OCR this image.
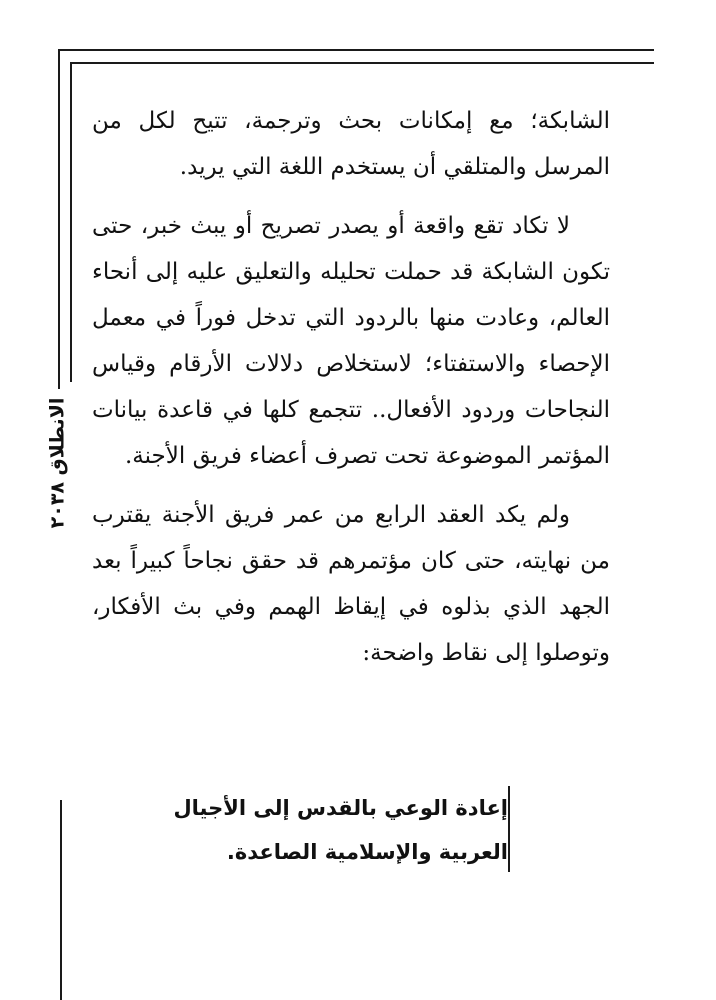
الانطلاق ٢٠٣٨

الشابكة؛ مع إمكانات بحث وترجمة، تتيح لكل من المرسل والمتلقي أن يستخدم اللغة التي يريد.

لا تكاد تقع واقعة أو يصدر تصريح أو يبث خبر، حتى تكون الشابكة قد حملت تحليله والتعليق عليه إلى أنحاء العالم، وعادت منها بالردود التي تدخل فوراً في معمل الإحصاء والاستفتاء؛ لاستخلاص دلالات الأرقام وقياس النجاحات وردود الأفعال.. تتجمع كلها في قاعدة بيانات المؤتمر الموضوعة تحت تصرف أعضاء فريق الأجنة.

ولم يكد العقد الرابع من عمر فريق الأجنة يقترب من نهايته، حتى كان مؤتمرهم قد حقق نجاحاً كبيراً بعد الجهد الذي بذلوه في إيقاظ الهمم وفي بث الأفكار، وتوصلوا إلى نقاط واضحة:

إعادة الوعي بالقدس إلى الأجيال العربية والإسلامية الصاعدة.
